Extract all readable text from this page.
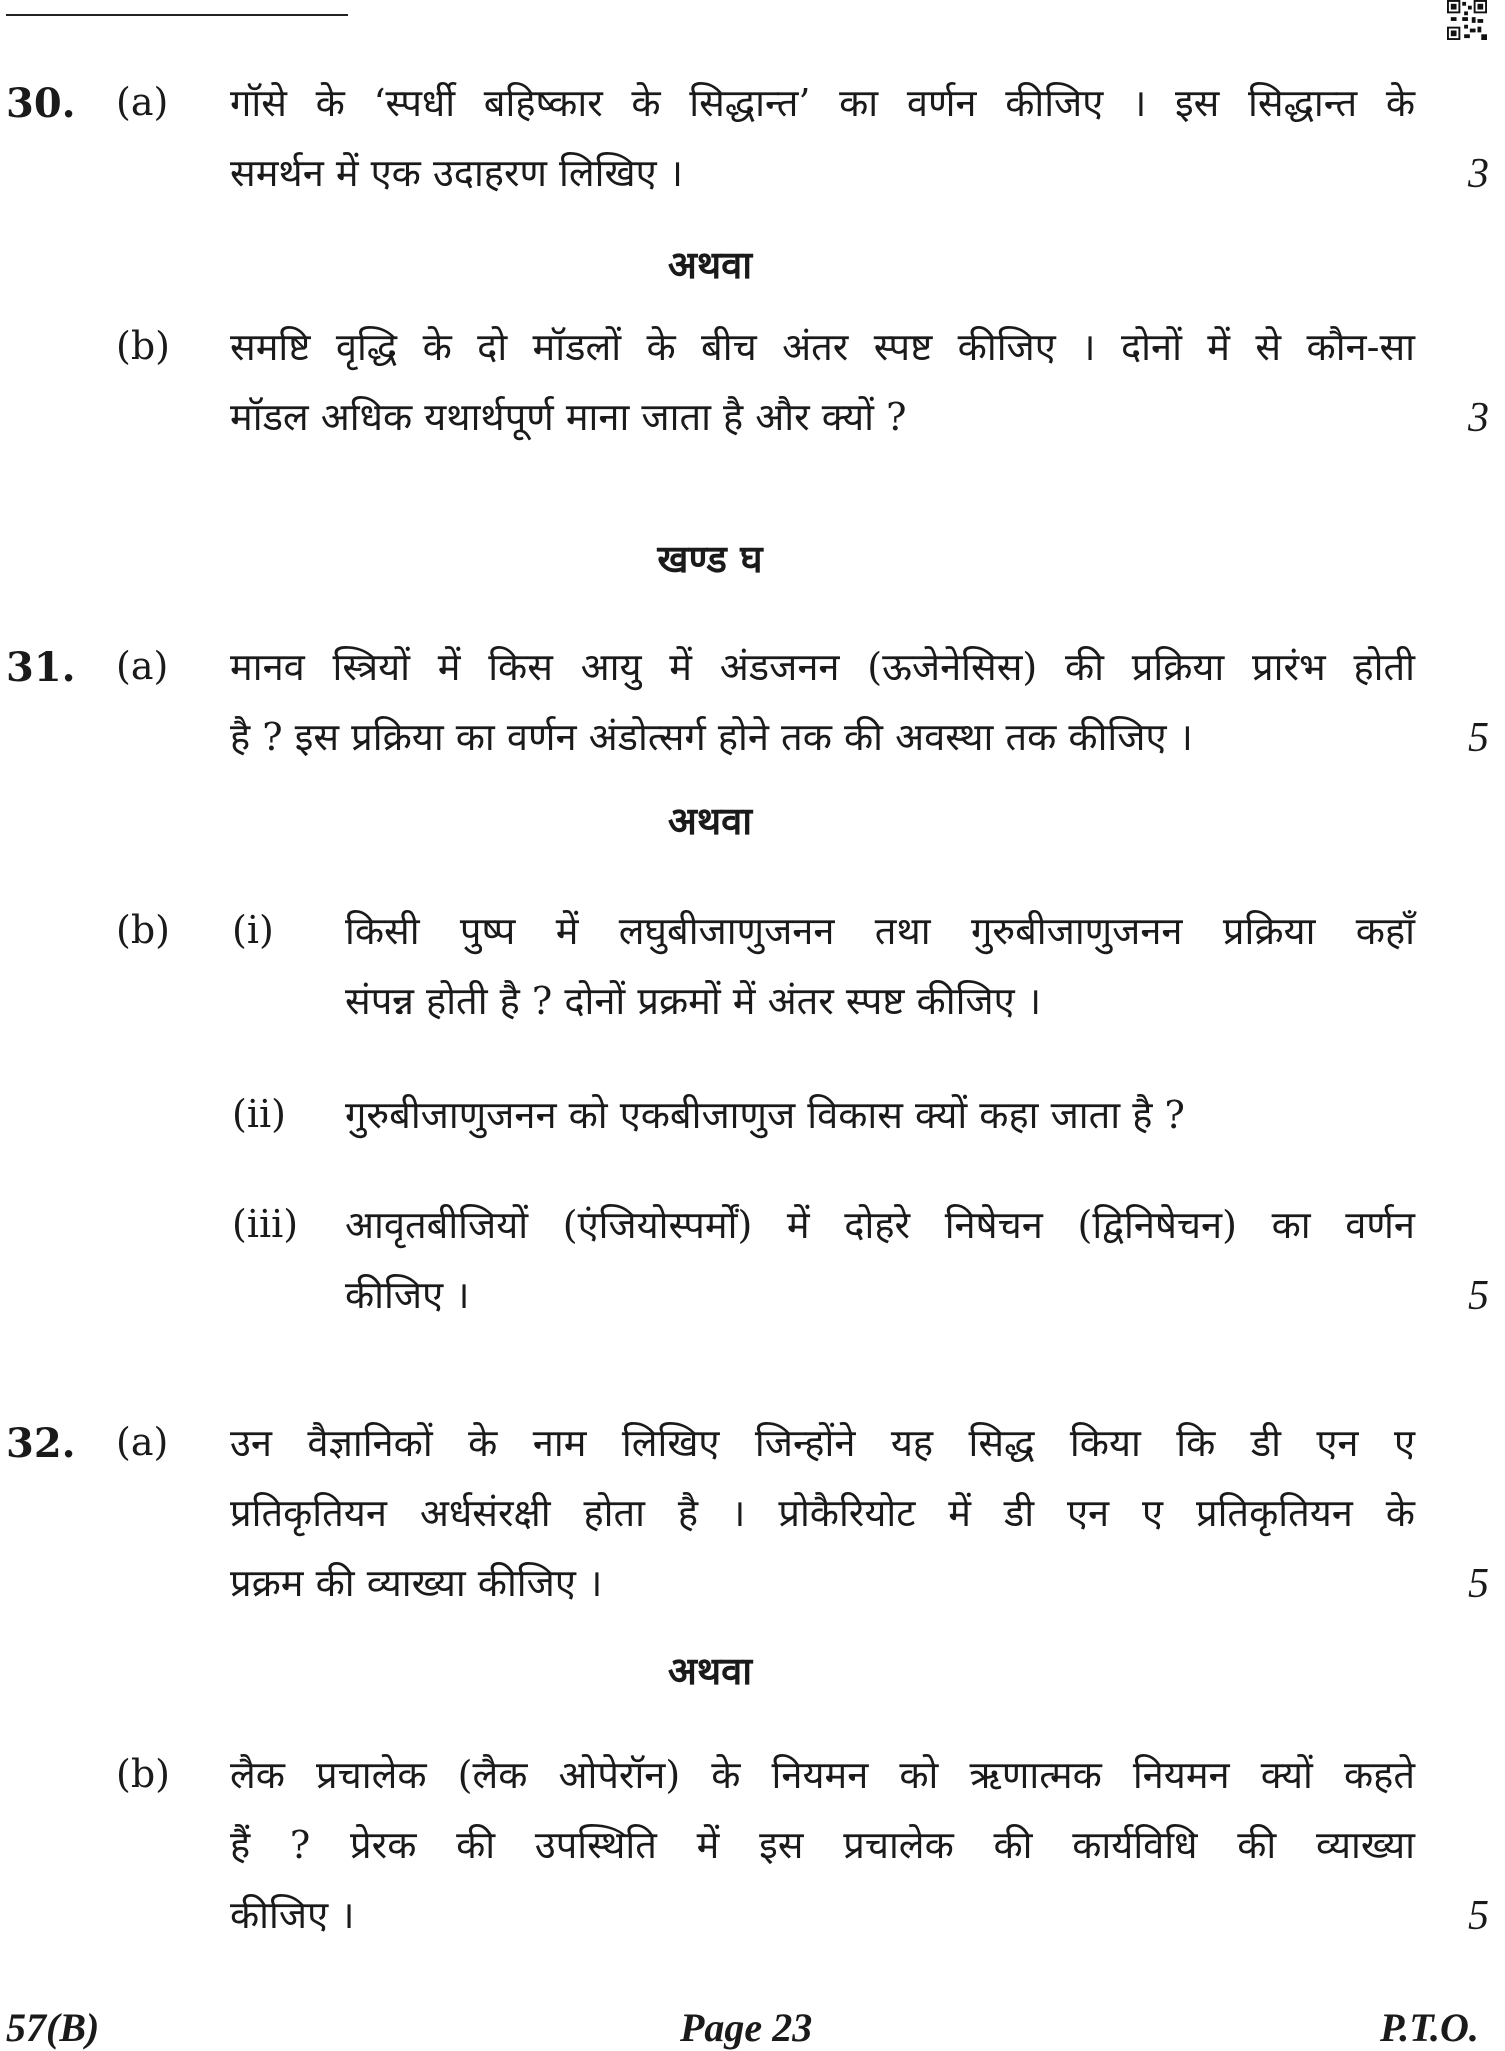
30. (a) गॉसे के ‘स्पर्धी बहिष्कार के सिद्धान्त’ का वर्णन कीजिए । इस सिद्धान्त के
समर्थन में एक उदाहरण लिखिए ।	3
अथवा
(b) समष्टि वृद्धि के दो मॉडलों के बीच अंतर स्पष्ट कीजिए । दोनों में से कौन-सा
मॉडल अधिक यथार्थपूर्ण माना जाता है और क्यों ?	3
खण्ड घ
31. (a) मानव स्त्रियों में किस आयु में अंडजनन (ऊजेनेसिस) की प्रक्रिया प्रारंभ होती
है ? इस प्रक्रिया का वर्णन अंडोत्सर्ग होने तक की अवस्था तक कीजिए ।	5
अथवा
(b) (i) किसी पुष्प में लघुबीजाणुजनन तथा गुरुबीजाणुजनन प्रक्रिया कहाँ
संपन्न होती है ? दोनों प्रक्रमों में अंतर स्पष्ट कीजिए ।
(ii) गुरुबीजाणुजनन को एकबीजाणुज विकास क्यों कहा जाता है ?
(iii) आवृतबीजियों (एंजियोस्पर्मों) में दोहरे निषेचन (द्विनिषेचन) का वर्णन
कीजिए ।	5
32. (a) उन वैज्ञानिकों के नाम लिखिए जिन्होंने यह सिद्ध किया कि डी एन ए
प्रतिकृतियन अर्धसंरक्षी होता है । प्रोकैरियोट में डी एन ए प्रतिकृतियन के
प्रक्रम की व्याख्या कीजिए ।	5
अथवा
(b) लैक प्रचालेक (लैक ओपेरॉन) के नियमन को ऋणात्मक नियमन क्यों कहते
हैं ? प्रेरक की उपस्थिति में इस प्रचालेक की कार्यविधि की व्याख्या
कीजिए ।	5
57(B)	Page 23	P.T.O.
